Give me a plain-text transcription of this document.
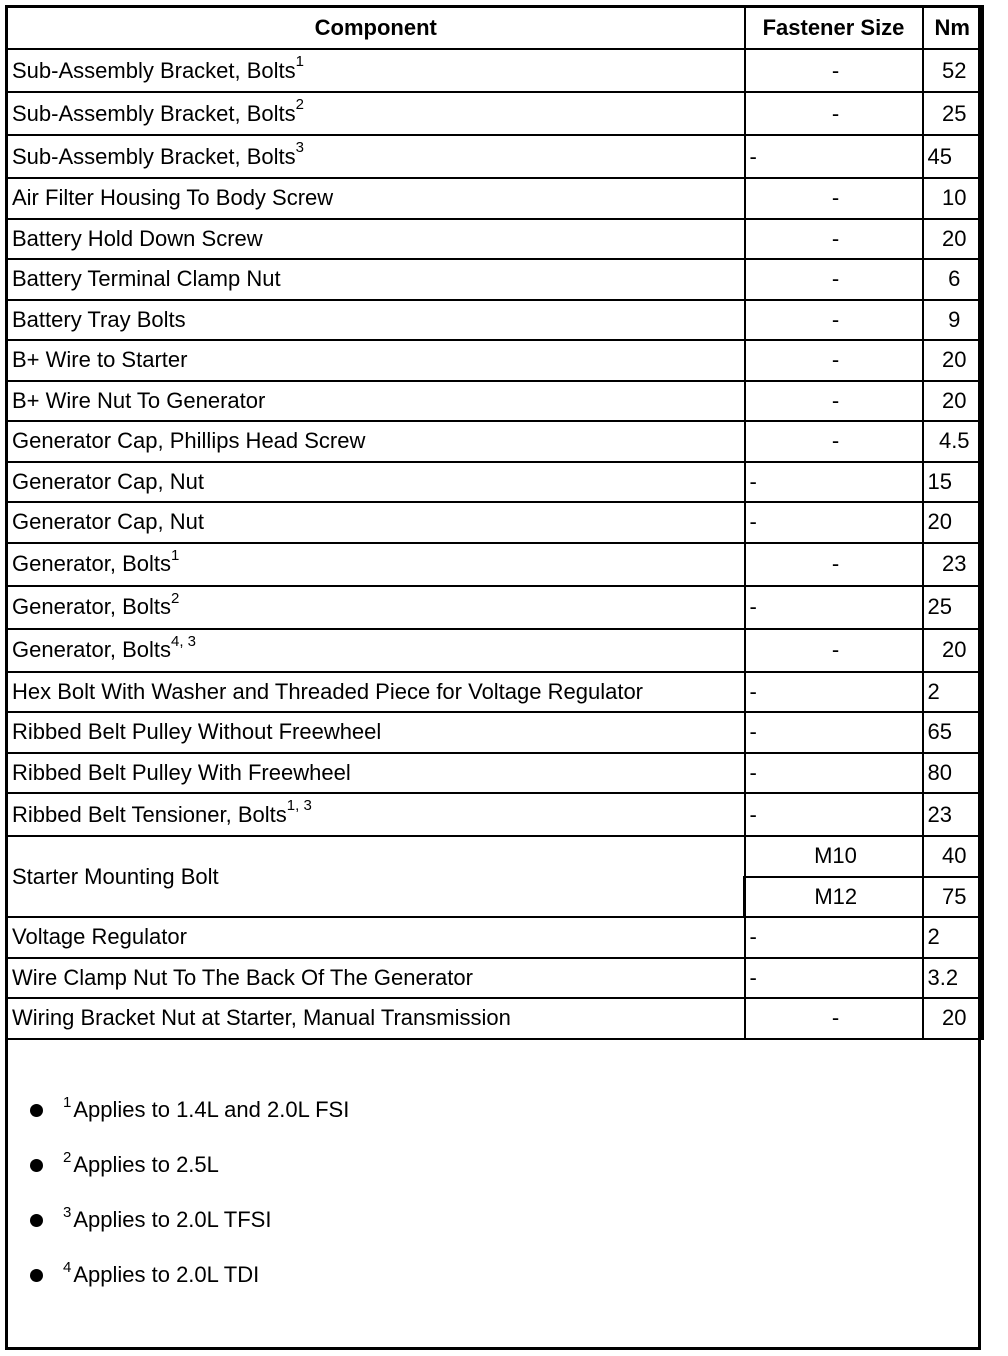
Component	Fastener Size	Nm
Sub-Assembly Bracket, Bolts$^1$	-	52
Sub-Assembly Bracket, Bolts$^2$	-	25
Sub-Assembly Bracket, Bolts$^3$	-	45
Air Filter Housing To Body Screw	-	10
Battery Hold Down Screw	-	20
Battery Terminal Clamp Nut	-	6
Battery Tray Bolts	-	9
B+ Wire to Starter	-	20
B+ Wire Nut To Generator	-	20
Generator Cap, Phillips Head Screw	-	4.5
Generator Cap, Nut	-	15
Generator Cap, Nut	-	20
Generator, Bolts$^1$	-	23
Generator, Bolts$^2$	-	25
Generator, Bolts$^{4, 3}$	-	20
Hex Bolt With Washer and Threaded Piece for Voltage Regulator	-	2
Ribbed Belt Pulley Without Freewheel	-	65
Ribbed Belt Pulley With Freewheel	-	80
Ribbed Belt Tensioner, Bolts$^{1, 3}$	-	23
Starter Mounting Bolt	M10	40
	M12	75
Voltage Regulator	-	2
Wire Clamp Nut To The Back Of The Generator	-	3.2
Wiring Bracket Nut at Starter, Manual Transmission	-	20
$^1$Applies to 1.4L and 2.0L FSI
$^2$Applies to 2.5L
$^3$Applies to 2.0L TFSI
$^4$Applies to 2.0L TDI
